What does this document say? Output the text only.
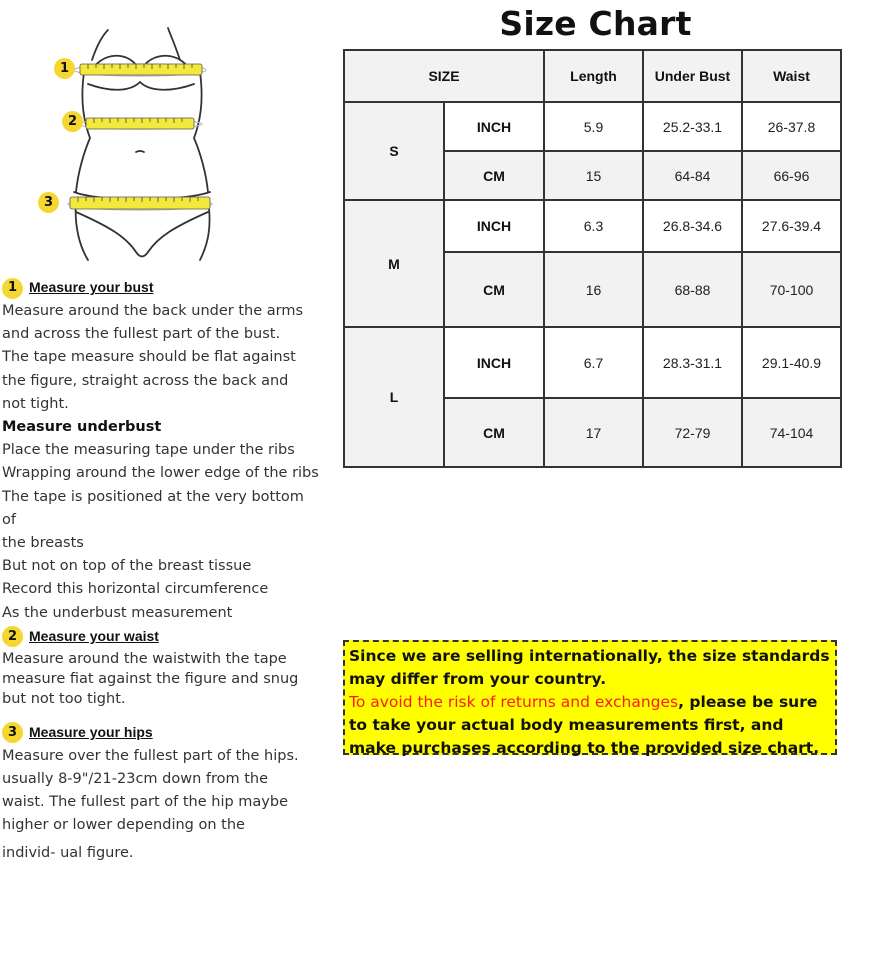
1
2
3
1 Measure your bust

Measure around the back under the arms

and across the fullest part of the bust.

The tape measure should be flat against

the figure, straight across the back and

not tight.

Measure underbust

Place the measuring tape under the ribs

Wrapping around the lower edge of the ribs

The tape is positioned at the very bottom of

the breasts

But not on top of the breast tissue

Record this horizontal circumference

As the underbust measurement

2 Measure your waist

Measure around the waistwith the tape

measure fiat against the figure and snug

but not too tight.

3 Measure your hips

Measure over the fullest part of the hips.

usually 8-9"/21-23cm down from the

waist. The fullest part of the hip maybe

higher or lower depending on the

individ- ual figure.

Size Chart
SIZE		Length	Under Bust	Waist
S	INCH	5.9	25.2-33.1	26-37.8
	CM	15	64-84	66-96
M	INCH	6.3	26.8-34.6	27.6-39.4
	CM	16	68-88	70-100
L	INCH	6.7	28.3-31.1	29.1-40.9
	CM	17	72-79	74-104
Since we are selling internationally, the size standards may differ from your country.
To avoid the risk of returns and exchanges, please be sure to take your actual body measurements first, and make purchases according to the provided size chart.
